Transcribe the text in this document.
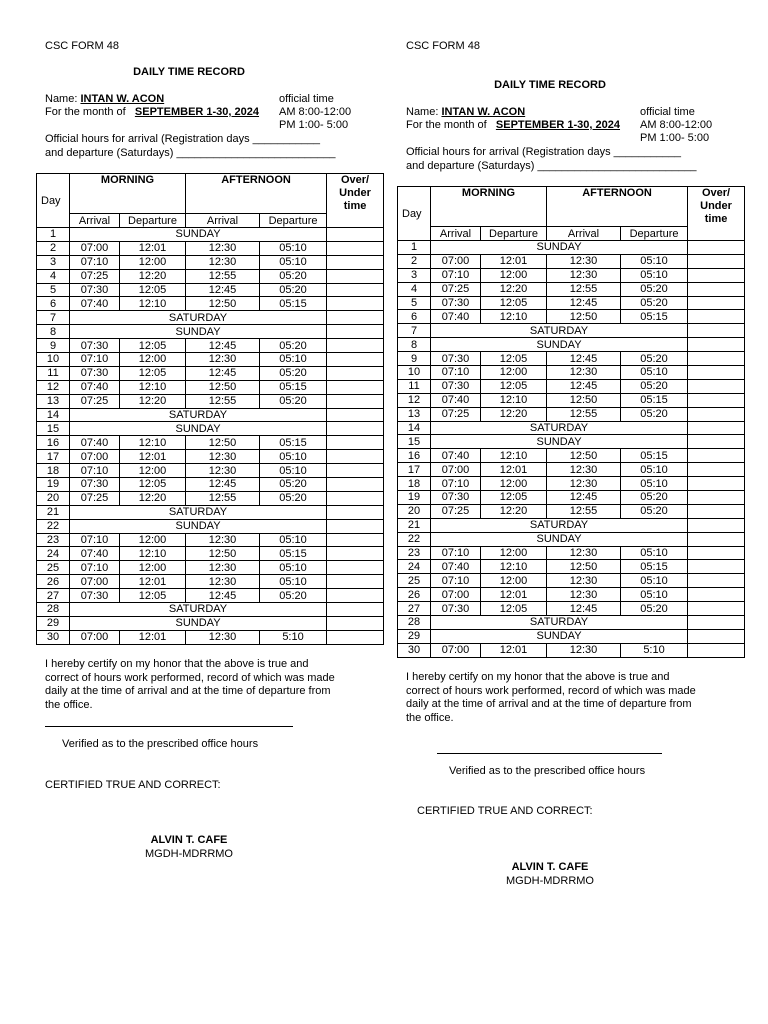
CSC FORM 48
DAILY TIME RECORD
Name: INTAN W. ACON
For the month of SEPTEMBER 1-30, 2024
official time
AM 8:00-12:00
PM 1:00- 5:00
Official hours for arrival (Registration days ___________
and departure (Saturdays) __________________________
Day	MORNING		AFTERNOON		Over/
Under
time

	Arrival	Departure	Arrival	Departure	
1	SUNDAY				
2	07:00	12:01	12:30	05:10	
3	07:10	12:00	12:30	05:10	
4	07:25	12:20	12:55	05:20	
5	07:30	12:05	12:45	05:20	
6	07:40	12:10	12:50	05:15	
7	SATURDAY				
8	SUNDAY				
9	07:30	12:05	12:45	05:20	
10	07:10	12:00	12:30	05:10	
11	07:30	12:05	12:45	05:20	
12	07:40	12:10	12:50	05:15	
13	07:25	12:20	12:55	05:20	
14	SATURDAY				
15	SUNDAY				
16	07:40	12:10	12:50	05:15	
17	07:00	12:01	12:30	05:10	
18	07:10	12:00	12:30	05:10	
19	07:30	12:05	12:45	05:20	
20	07:25	12:20	12:55	05:20	
21	SATURDAY				
22	SUNDAY				
23	07:10	12:00	12:30	05:10	
24	07:40	12:10	12:50	05:15	
25	07:10	12:00	12:30	05:10	
26	07:00	12:01	12:30	05:10	
27	07:30	12:05	12:45	05:20	
28	SATURDAY				
29	SUNDAY				
30	07:00	12:01	12:30	5:10	
I hereby certify on my honor that the above is true and correct of hours work performed, record of which was made daily at the time of arrival and at the time of departure from the office.
Verified as to the prescribed office hours
CERTIFIED TRUE AND CORRECT:
ALVIN T. CAFE
MGDH-MDRRMO
CSC FORM 48
DAILY TIME RECORD
Name: INTAN W. ACON
For the month of SEPTEMBER 1-30, 2024
official time
AM 8:00-12:00
PM 1:00- 5:00
Official hours for arrival (Registration days ___________
and departure (Saturdays) __________________________
Day	MORNING		AFTERNOON		Over/
Under
time

	Arrival	Departure	Arrival	Departure	
1	SUNDAY				
2	07:00	12:01	12:30	05:10	
3	07:10	12:00	12:30	05:10	
4	07:25	12:20	12:55	05:20	
5	07:30	12:05	12:45	05:20	
6	07:40	12:10	12:50	05:15	
7	SATURDAY				
8	SUNDAY				
9	07:30	12:05	12:45	05:20	
10	07:10	12:00	12:30	05:10	
11	07:30	12:05	12:45	05:20	
12	07:40	12:10	12:50	05:15	
13	07:25	12:20	12:55	05:20	
14	SATURDAY				
15	SUNDAY				
16	07:40	12:10	12:50	05:15	
17	07:00	12:01	12:30	05:10	
18	07:10	12:00	12:30	05:10	
19	07:30	12:05	12:45	05:20	
20	07:25	12:20	12:55	05:20	
21	SATURDAY				
22	SUNDAY				
23	07:10	12:00	12:30	05:10	
24	07:40	12:10	12:50	05:15	
25	07:10	12:00	12:30	05:10	
26	07:00	12:01	12:30	05:10	
27	07:30	12:05	12:45	05:20	
28	SATURDAY				
29	SUNDAY				
30	07:00	12:01	12:30	5:10	
I hereby certify on my honor that the above is true and correct of hours work performed, record of which was made daily at the time of arrival and at the time of departure from the office.
Verified as to the prescribed office hours
CERTIFIED TRUE AND CORRECT:
ALVIN T. CAFE
MGDH-MDRRMO
